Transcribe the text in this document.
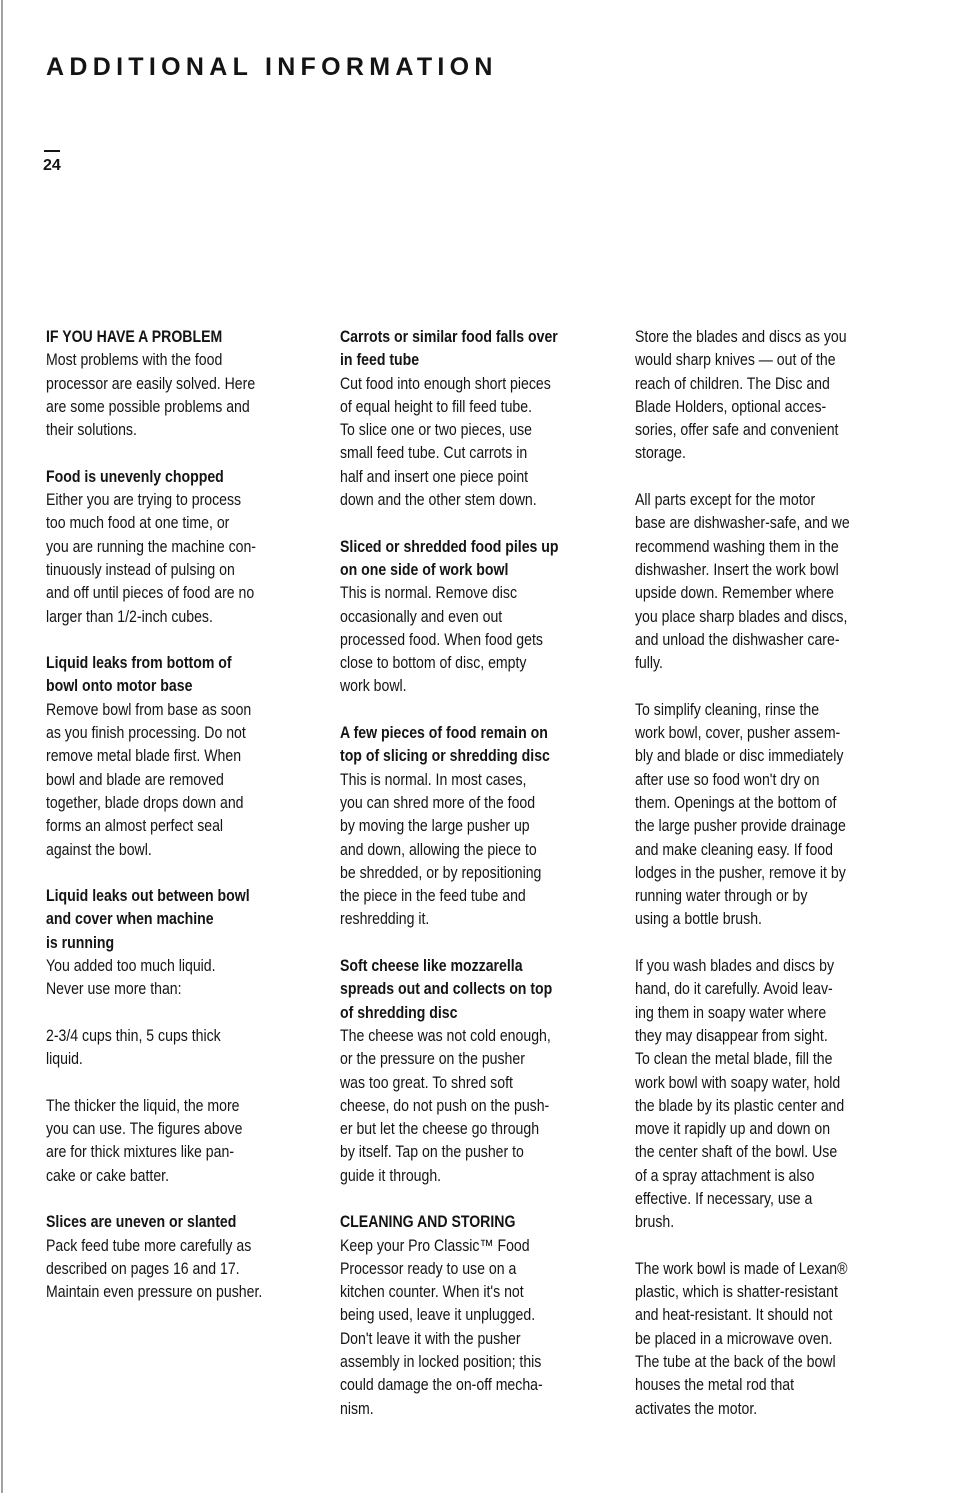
ADDITIONAL INFORMATION
24
IF YOU HAVE A PROBLEM
Most problems with the food
processor are easily solved. Here
are some possible problems and
their solutions.
Food is unevenly chopped
Either you are trying to process
too much food at one time, or
you are running the machine con-
tinuously instead of pulsing on
and off until pieces of food are no
larger than 1/2-inch cubes.
Liquid leaks from bottom of
bowl onto motor base
Remove bowl from base as soon
as you finish processing. Do not
remove metal blade first. When
bowl and blade are removed
together, blade drops down and
forms an almost perfect seal
against the bowl.
Liquid leaks out between bowl
and cover when machine
is running
You added too much liquid.
Never use more than:
2-3/4 cups thin, 5 cups thick
liquid.
The thicker the liquid, the more
you can use. The figures above
are for thick mixtures like pan-
cake or cake batter.
Slices are uneven or slanted
Pack feed tube more carefully as
described on pages 16 and 17.
Maintain even pressure on pusher.
Carrots or similar food falls over
in feed tube
Cut food into enough short pieces
of equal height to fill feed tube.
To slice one or two pieces, use
small feed tube. Cut carrots in
half and insert one piece point
down and the other stem down.
Sliced or shredded food piles up
on one side of work bowl
This is normal. Remove disc
occasionally and even out
processed food. When food gets
close to bottom of disc, empty
work bowl.
A few pieces of food remain on
top of slicing or shredding disc
This is normal. In most cases,
you can shred more of the food
by moving the large pusher up
and down, allowing the piece to
be shredded, or by repositioning
the piece in the feed tube and
reshredding it.
Soft cheese like mozzarella
spreads out and collects on top
of shredding disc
The cheese was not cold enough,
or the pressure on the pusher
was too great. To shred soft
cheese, do not push on the push-
er but let the cheese go through
by itself. Tap on the pusher to
guide it through.
CLEANING AND STORING
Keep your Pro Classic™ Food
Processor ready to use on a
kitchen counter. When it's not
being used, leave it unplugged.
Don't leave it with the pusher
assembly in locked position; this
could damage the on-off mecha-
nism.
Store the blades and discs as you
would sharp knives — out of the
reach of children. The Disc and
Blade Holders, optional acces-
sories, offer safe and convenient
storage.
All parts except for the motor
base are dishwasher-safe, and we
recommend washing them in the
dishwasher. Insert the work bowl
upside down. Remember where
you place sharp blades and discs,
and unload the dishwasher care-
fully.
To simplify cleaning, rinse the
work bowl, cover, pusher assem-
bly and blade or disc immediately
after use so food won't dry on
them. Openings at the bottom of
the large pusher provide drainage
and make cleaning easy. If food
lodges in the pusher, remove it by
running water through or by
using a bottle brush.
If you wash blades and discs by
hand, do it carefully. Avoid leav-
ing them in soapy water where
they may disappear from sight.
To clean the metal blade, fill the
work bowl with soapy water, hold
the blade by its plastic center and
move it rapidly up and down on
the center shaft of the bowl. Use
of a spray attachment is also
effective. If necessary, use a
brush.
The work bowl is made of Lexan®
plastic, which is shatter-resistant
and heat-resistant. It should not
be placed in a microwave oven.
The tube at the back of the bowl
houses the metal rod that
activates the motor.
